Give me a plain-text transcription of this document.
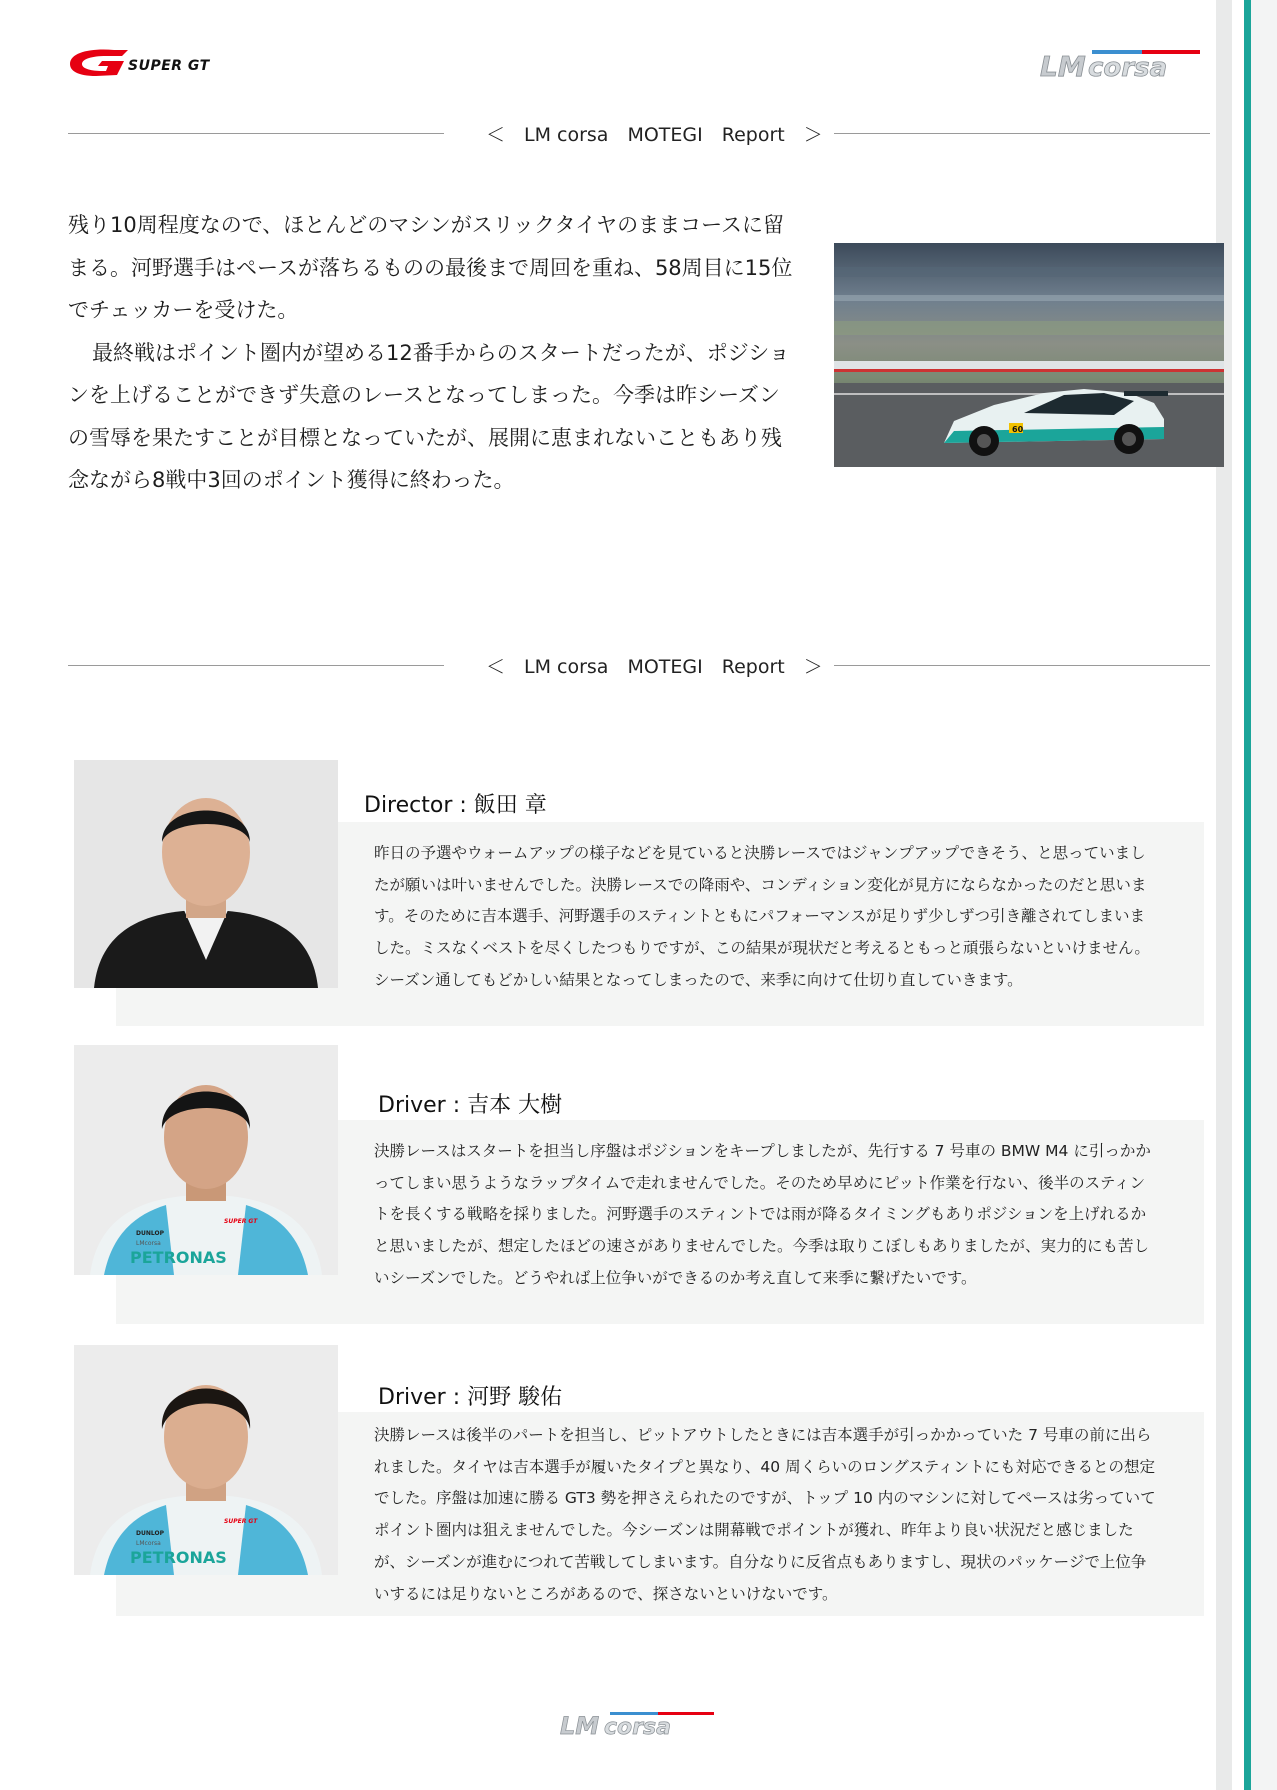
SUPER GT	LM corsa
＜　LM corsa　MOTEGI　Report　＞

残り10周程度なので、ほとんどのマシンがスリックタイヤのままコースに留まる。河野選手はペースが落ちるものの最後まで周回を重ね、58周目に15位でチェッカーを受けた。

最終戦はポイント圏内が望める12番手からのスタートだったが、ポジションを上げることができず失意のレースとなってしまった。今季は昨シーズンの雪辱を果たすことが目標となっていたが、展開に恵まれないこともあり残念ながら8戦中3回のポイント獲得に終わった。

60
＜　LM corsa　MOTEGI　Report　＞
Director : 飯田 章
昨日の予選やウォームアップの様子などを見ていると決勝レースではジャンプアップできそう、と思っていましたが願いは叶いませんでした。決勝レースでの降雨や、コンディション変化が見方にならなかったのだと思います。そのために吉本選手、河野選手のスティントともにパフォーマンスが足りず少しずつ引き離されてしまいました。ミスなくベストを尽くしたつもりですが、この結果が現状だと考えるともっと頑張らないといけません。シーズン通してもどかしい結果となってしまったので、来季に向けて仕切り直していきます。
PETRONAS
DUNLOP
LMcorsa
SUPER GT
Driver : 吉本 大樹
決勝レースはスタートを担当し序盤はポジションをキープしましたが、先行する 7 号車の BMW M4 に引っかかってしまい思うようなラップタイムで走れませんでした。そのため早めにピット作業を行ない、後半のスティントを長くする戦略を採りました。河野選手のスティントでは雨が降るタイミングもありポジションを上げれるかと思いましたが、想定したほどの速さがありませんでした。今季は取りこぼしもありましたが、実力的にも苦しいシーズンでした。どうやれば上位争いができるのか考え直して来季に繋げたいです。
PETRONAS
DUNLOP
LMcorsa
SUPER GT
Driver : 河野 駿佑
決勝レースは後半のパートを担当し、ピットアウトしたときには吉本選手が引っかかっていた 7 号車の前に出られました。タイヤは吉本選手が履いたタイプと異なり、40 周くらいのロングスティントにも対応できるとの想定でした。序盤は加速に勝る GT3 勢を押さえられたのですが、トップ 10 内のマシンに対してペースは劣っていてポイント圏内は狙えませんでした。今シーズンは開幕戦でポイントが獲れ、昨年より良い状況だと感じましたが、シーズンが進むにつれて苦戦してしまいます。自分なりに反省点もありますし、現状のパッケージで上位争いするには足りないところがあるので、探さないといけないです。
LM corsa
